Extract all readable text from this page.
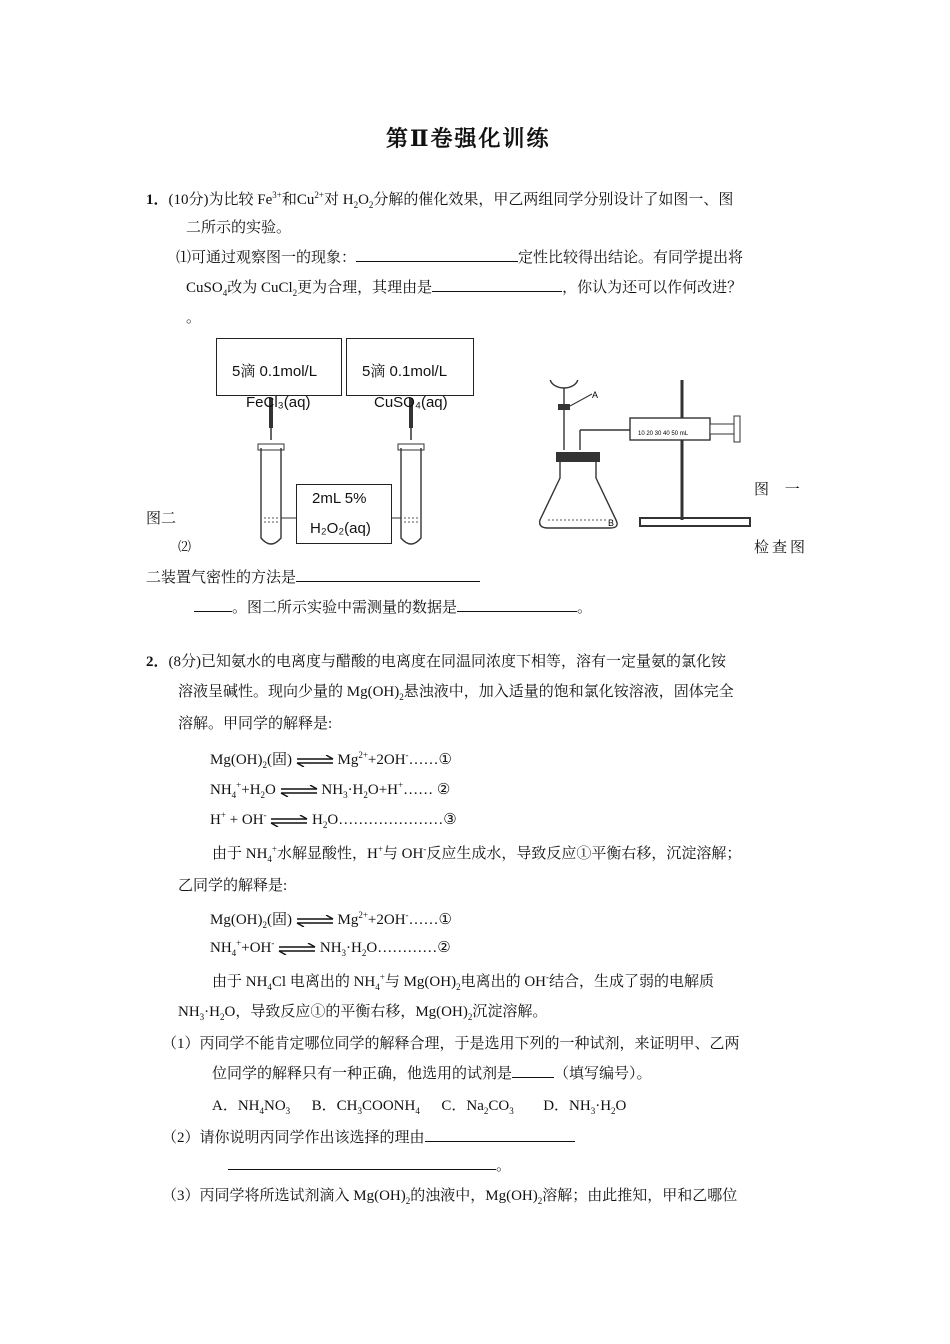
第Ⅱ卷强化训练
1．(10分)为比较 $Fe^{3+}$和$Cu^{2+}$对 $H_2O_2$分解的催化效果，甲乙两组同学分别设计了如图一、图
二所示的实验。
⑴可通过观察图一的现象：	定性比较得出结论。有同学提出将
CuSO$_4$改为 CuCl$_2$更为合理，其理由是	，你认为还可以作何改进？
。
5滴 0.1mol/L	5滴 0.1mol/L
10 20 30 40 50 mL
A
B
FeCl₃(aq)	CuSO₄(aq)
2mL 5%
H₂O₂(aq)
图二
⑵
图 一
检查图
二装置气密性的方法是
。图二所示实验中需测量的数据是	。
2．(8分)已知氨水的电离度与醋酸的电离度在同温同浓度下相等，溶有一定量氨的氯化铵
溶液呈碱性。现向少量的 $Mg(OH)_2$悬浊液中，加入适量的饱和氯化铵溶液，固体完全
溶解。甲同学的解释是:
$Mg(OH)_2$(固) ⇌ $Mg^{2+}+2OH^-\dots\dots ①$
$NH_4^++H_2O$ ⇌ $NH_3\cdot H_2O+H^+\dots\dots$ ②
H+ + OH- ⇌ $H_2O\dots\dots\dots\dots\dots\dots\dots ③$
由于 $NH_4^+$水解显酸性，H+与 OH-反应生成水，导致反应①平衡右移，沉淀溶解；
乙同学的解释是:
$Mg(OH)_2$(固) ⇌ $Mg^{2+}+2OH^-\dots\dots ①$
$NH_4^++OH^-$ ⇌ $NH_3\cdot H_2O\dots\dots\dots\dots ②$
由于 $NH_4Cl$ 电离出的 $NH_4^+$与 $Mg(OH)_2$电离出的 OH-结合，生成了弱的电解质
$NH_3\cdot H_2O$，导致反应①的平衡右移，$Mg(OH)_2$沉淀溶解。
（1）丙同学不能肯定哪位同学的解释合理，于是选用下列的一种试剂，来证明甲、乙两
位同学的解释只有一种正确，他选用的试剂是	（填写编号）。
A．$NH_4NO_3$ B．$CH_3COONH_4$ C．$Na_2CO_3$ D．$NH_3\cdot H_2O$
（2）请你说明丙同学作出该选择的理由
。
（3）丙同学将所选试剂滴入 $Mg(OH)_2$的浊液中，$Mg(OH)_2$溶解；由此推知，甲和乙哪位
